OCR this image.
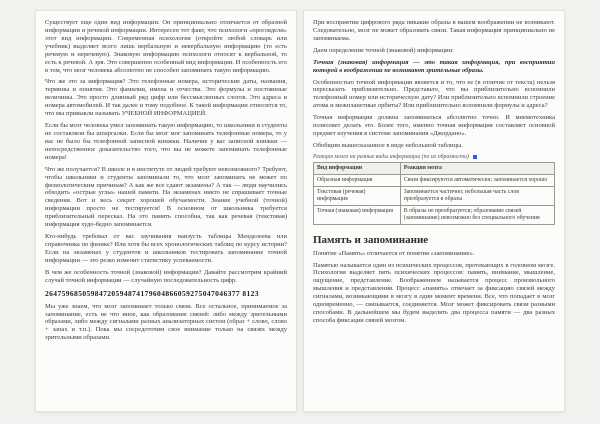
Существует еще один вид информации. Он принципиально отличается от образной информации и речевой информации. Интересен тот факт, что психологи «проглядели» этот вид информации. Современная психология (откройте любой словарь или учебник) выделяет всего лишь вербальную и невербальную информацию (то есть речевую и неречевую). Знаковую информацию психологи относят к вербальной, то есть к речевой. А зря. Это совершенно особенный вид информации. И особенность его в том, что мозг человека абсолютно не способен запоминать такую информацию.

Что же это за информация? Это телефонные номера, исторические даты, названия, термины и понятия. Это фамилии, имена и отчества. Это формулы и постоянные величины. Это просто длинный ряд цифр или бессмысленных слогов. Это адреса и номера автомобилей. И так далее и тому подобное. К такой информации относится то, что мы привыкли называть УЧЕБНОЙ ИНФОРМАЦИЕЙ.

Если бы мозг человека умел запоминать такую информацию, то школьники и студенты не составляли бы шпаргалки. Если бы мозг мог запоминать телефонные номера, то у вас не было бы телефонной записной книжки. Наличие у вас записной книжки — непосредственное доказательство того, что вы не можете запоминать телефонные номера!

Что же получается? В школе и в институте от людей требуют невозможного? Требуют, чтобы школьники и студенты запоминали то, что мозг запоминать не может по физиологическим причинам? А как же все сдают экзамены? А так — люди научились обходить «острые углы» нашей памяти. На экзаменах никто не спрашивает точные сведения. Вот и весь секрет хорошей обучаемости. Знание учебной (точной) информации просто не тестируется! В основном от школьника требуется приблизительный пересказ. На это память способна, так как речевая (текстовая) информация худо-бедно запоминается.

Кто-нибудь требовал от вас заучивания наизусть таблицы Менделеева или справочника по физике? Или хотя бы всех хронологических таблиц по курсу истории? Если на экзаменах у студентов и школьников тестировать запоминание точной информации — это резко изменит статистику успеваемости.

В чем же особенность точной (знаковой) информации? Давайте рассмотрим крайний случай точной информации — случайную последовательность цифр.

26475968505984720594874179604866059275047046377 8123

Мы уже знаем, что мозг запоминает только связи. Все остальное, принимаемое за запоминание, есть не что иное, как образование связей: либо между зрительными образами, либо между сигналами разных анализаторных систем (образ + слово, слово + запах и т.п.). Пока мы сосредоточим свое внимание только на связях между зрительными образами.

При восприятии цифрового ряда никакие образы в вашем воображении не возникают. Следовательно, мозг не может образовать связи. Такая информация принципиально не запоминаема.

Даем определение точной (знаковой) информации:

Точная (знаковая) информация — это такая информация, при восприятии которой в воображении не возникают зрительные образы.

Особенностью точной информации является и то, что ее (в отличие от текста) нельзя пересказать приблизительно. Представьте, что вы приблизительно вспомнили телефонный номер или историческую дату? Или приблизительно вспомнили строение атома и межпланетные орбиты? Или приблизительно вспомнили формулы и адреса?

Точная информация должна запоминаться абсолютно точно. И мнемотехника позволяет делать это. Более того, именно точная информация составляет основной предмет изучения в системе запоминания «Джордано».

Обобщим вышесказанное в виде небольшой таблицы.

Реакция мозга на разные виды информации (по их образности)
Вид информации	Реакция мозга
Образная информация	Связи фиксируются автоматически; запоминается хорошо
Текстовая (речевая) информация	Запоминается частично; небольшая часть слов преобразуется в образы
Точная (знаковая) информация	В образы не преобразуется; образование связей (запоминание) невозможно без специального обучения
Память и запоминание

Понятие «Память» отличается от понятия «запоминание».

Памятью называется один из психических процессов, протекающих в головном мозге. Психология выделяет пять психических процессов: память, внимание, мышление, ощущение, представление. Воображением называется процесс произвольного мышления и представления. Процесс «память» отвечает за фиксацию связей между сигналами, возникающими в мозгу в один момент времени. Все, что попадает в мозг одновременно, — связывается, соединяется. Мозг может фиксировать связи разными способами. В дальнейшем мы будем выделять два процесса памяти — два разных способа фиксации связей мозгом.
